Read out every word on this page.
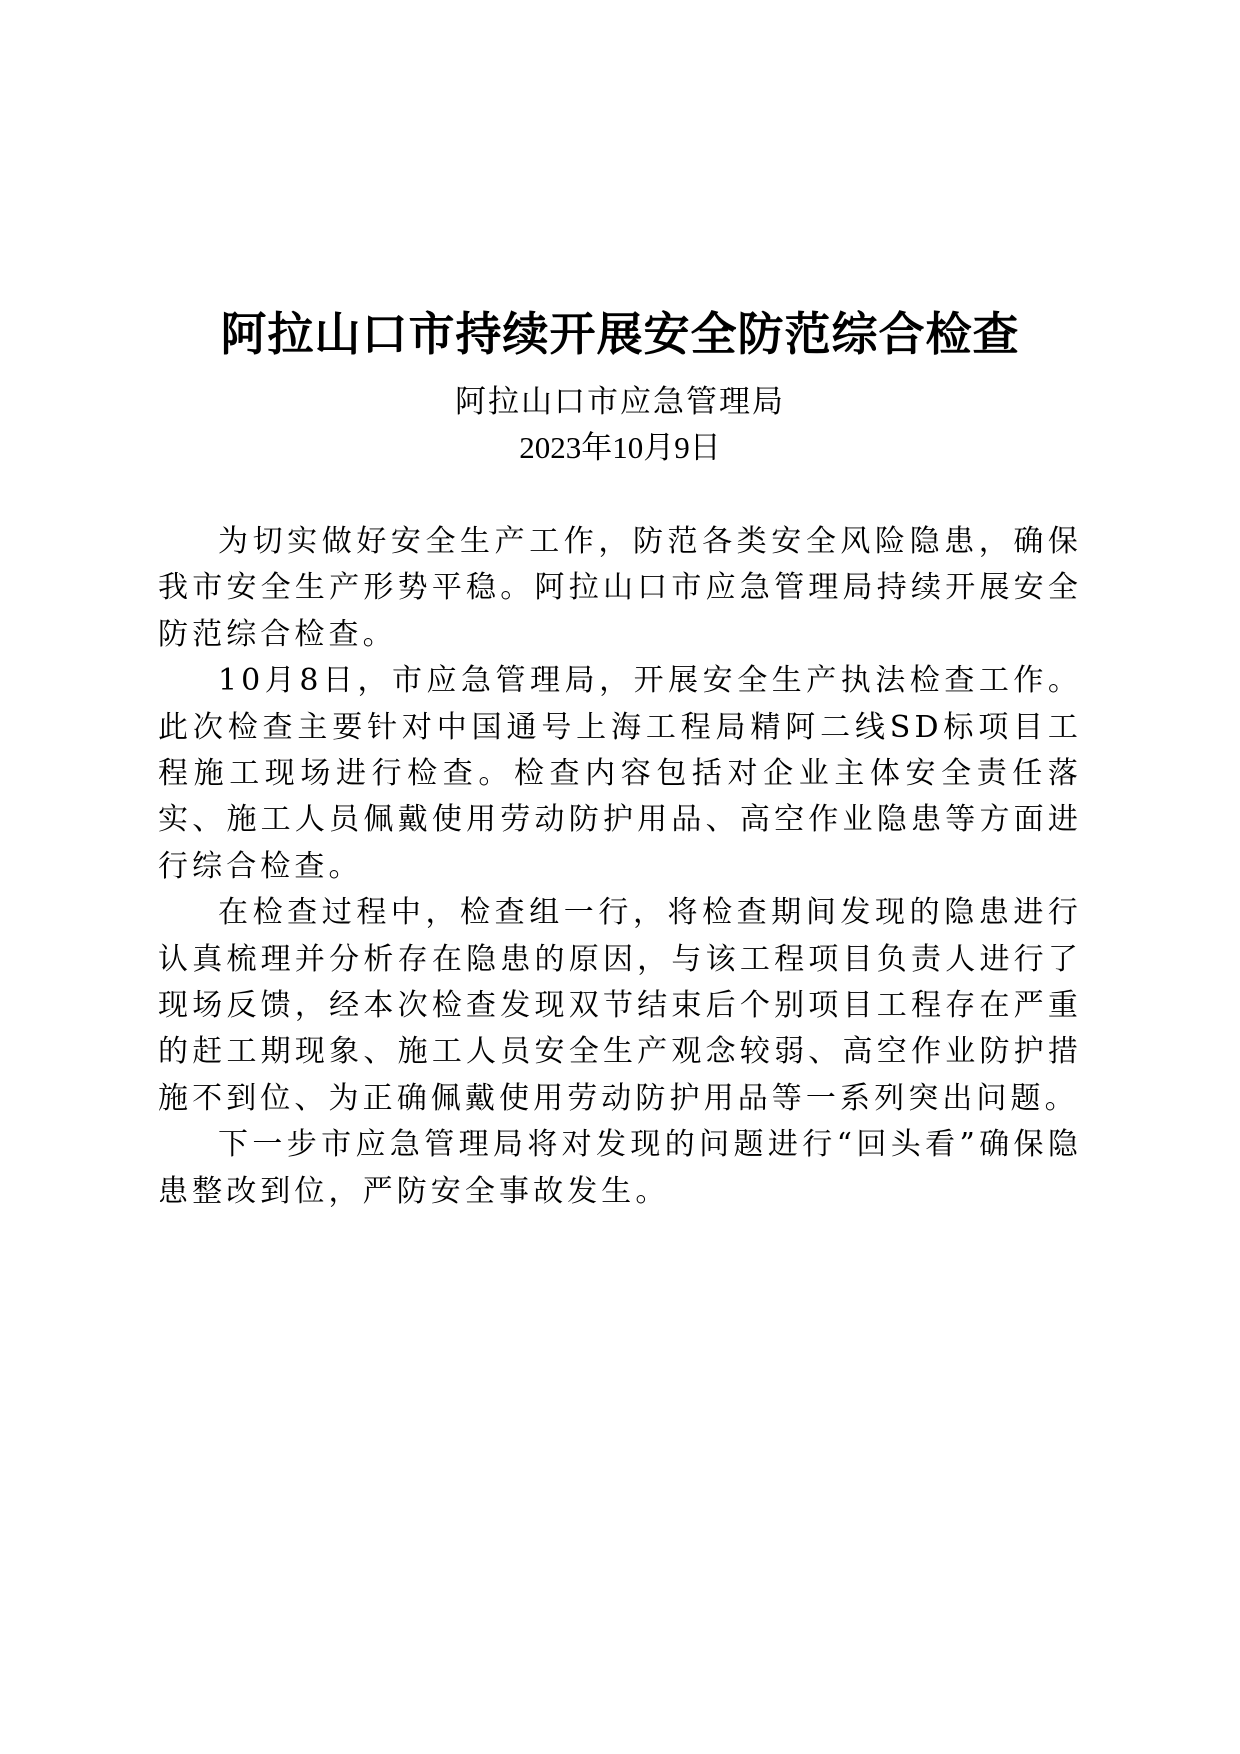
阿拉山口市持续开展安全防范综合检查
阿拉山口市应急管理局
2023年10月9日

为切实做好安全生产工作，防范各类安全风险隐患，确保我市安全生产形势平稳。阿拉山口市应急管理局持续开展安全防范综合检查。

10月8日，市应急管理局，开展安全生产执法检查工作。此次检查主要针对中国通号上海工程局精阿二线SD标项目工程施工现场进行检查。检查内容包括对企业主体安全责任落实、施工人员佩戴使用劳动防护用品、高空作业隐患等方面进行综合检查。

在检查过程中，检查组一行，将检查期间发现的隐患进行认真梳理并分析存在隐患的原因，与该工程项目负责人进行了现场反馈，经本次检查发现双节结束后个别项目工程存在严重的赶工期现象、施工人员安全生产观念较弱、高空作业防护措施不到位、为正确佩戴使用劳动防护用品等一系列突出问题。

下一步市应急管理局将对发现的问题进行“回头看”确保隐患整改到位，严防安全事故发生。
